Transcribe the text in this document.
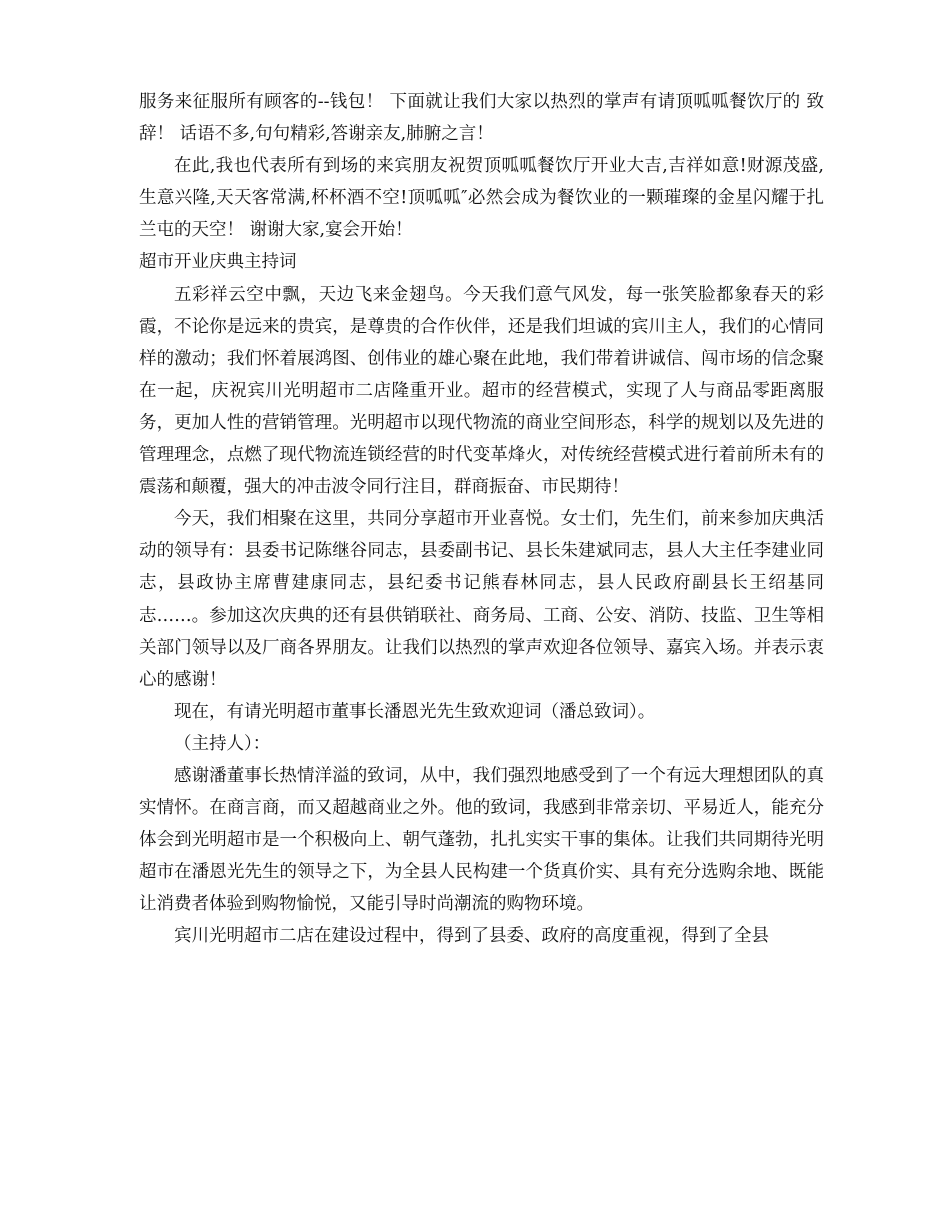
服务来征服所有顾客的--钱包！ 下面就让我们大家以热烈的掌声有请顶呱呱餐饮厅的 致辞！ 话语不多,句句精彩,答谢亲友,肺腑之言！

在此,我也代表所有到场的来宾朋友祝贺顶呱呱餐饮厅开业大吉,吉祥如意!财源茂盛,生意兴隆,天天客常满,杯杯酒不空!顶呱呱″必然会成为餐饮业的一颗璀璨的金星闪耀于扎兰屯的天空！ 谢谢大家,宴会开始！

超市开业庆典主持词

五彩祥云空中飘，天边飞来金翅鸟。今天我们意气风发，每一张笑脸都象春天的彩霞，不论你是远来的贵宾，是尊贵的合作伙伴，还是我们坦诚的宾川主人，我们的心情同样的激动；我们怀着展鸿图、创伟业的雄心聚在此地，我们带着讲诚信、闯市场的信念聚在一起，庆祝宾川光明超市二店隆重开业。超市的经营模式，实现了人与商品零距离服务，更加人性的营销管理。光明超市以现代物流的商业空间形态，科学的规划以及先进的管理理念，点燃了现代物流连锁经营的时代变革烽火，对传统经营模式进行着前所未有的震荡和颠覆，强大的冲击波令同行注目，群商振奋、市民期待！

今天，我们相聚在这里，共同分享超市开业喜悦。女士们，先生们，前来参加庆典活动的领导有：县委书记陈继谷同志，县委副书记、县长朱建斌同志，县人大主任李建业同志，县政协主席曹建康同志，县纪委书记熊春林同志，县人民政府副县长王绍基同志……。参加这次庆典的还有县供销联社、商务局、工商、公安、消防、技监、卫生等相关部门领导以及厂商各界朋友。让我们以热烈的掌声欢迎各位领导、嘉宾入场。并表示衷心的感谢！

现在，有请光明超市董事长潘恩光先生致欢迎词（潘总致词）。

（主持人）：

感谢潘董事长热情洋溢的致词，从中，我们强烈地感受到了一个有远大理想团队的真实情怀。在商言商，而又超越商业之外。他的致词，我感到非常亲切、平易近人，能充分体会到光明超市是一个积极向上、朝气蓬勃，扎扎实实干事的集体。让我们共同期待光明超市在潘恩光先生的领导之下，为全县人民构建一个货真价实、具有充分选购余地、既能让消费者体验到购物愉悦，又能引导时尚潮流的购物环境。

宾川光明超市二店在建设过程中，得到了县委、政府的高度重视，得到了全县
